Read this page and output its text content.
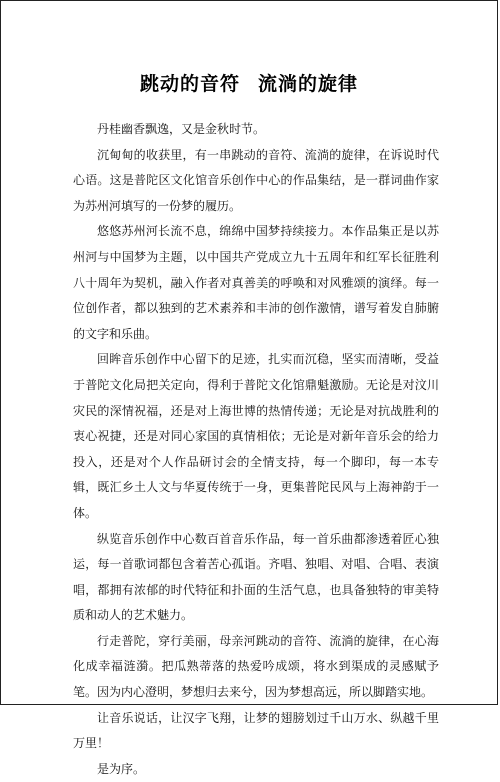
跳动的音符 流淌的旋律

丹桂幽香飘逸，又是金秋时节。

沉甸甸的收获里，有一串跳动的音符、流淌的旋律，在诉说时代心语。这是普陀区文化馆音乐创作中心的作品集结，是一群词曲作家为苏州河填写的一份梦的履历。

悠悠苏州河长流不息，绵绵中国梦持续接力。本作品集正是以苏州河与中国梦为主题，以中国共产党成立九十五周年和红军长征胜利八十周年为契机，融入作者对真善美的呼唤和对风雅颂的演绎。每一位创作者，都以独到的艺术素养和丰沛的创作激情，谱写着发自肺腑的文字和乐曲。

回眸音乐创作中心留下的足迹，扎实而沉稳，坚实而清晰，受益于普陀文化局把关定向，得利于普陀文化馆鼎魁激励。无论是对汶川灾民的深情祝福，还是对上海世博的热情传递；无论是对抗战胜利的衷心祝捷，还是对同心家国的真情相依；无论是对新年音乐会的给力投入，还是对个人作品研讨会的全情支持，每一个脚印，每一本专辑，既汇乡土人文与华夏传统于一身，更集普陀民风与上海神韵于一体。

纵览音乐创作中心数百首音乐作品，每一首乐曲都渗透着匠心独运，每一首歌词都包含着苦心孤诣。齐唱、独唱、对唱、合唱、表演唱，都拥有浓郁的时代特征和扑面的生活气息，也具备独特的审美特质和动人的艺术魅力。

行走普陀，穿行美丽，母亲河跳动的音符、流淌的旋律，在心海化成幸福涟漪。把瓜熟蒂落的热爱吟成颂，将水到渠成的灵感赋予笔。因为内心澄明，梦想归去来兮，因为梦想高远，所以脚踏实地。

让音乐说话，让汉字飞翔，让梦的翅膀划过千山万水、纵越千里万里！

是为序。
